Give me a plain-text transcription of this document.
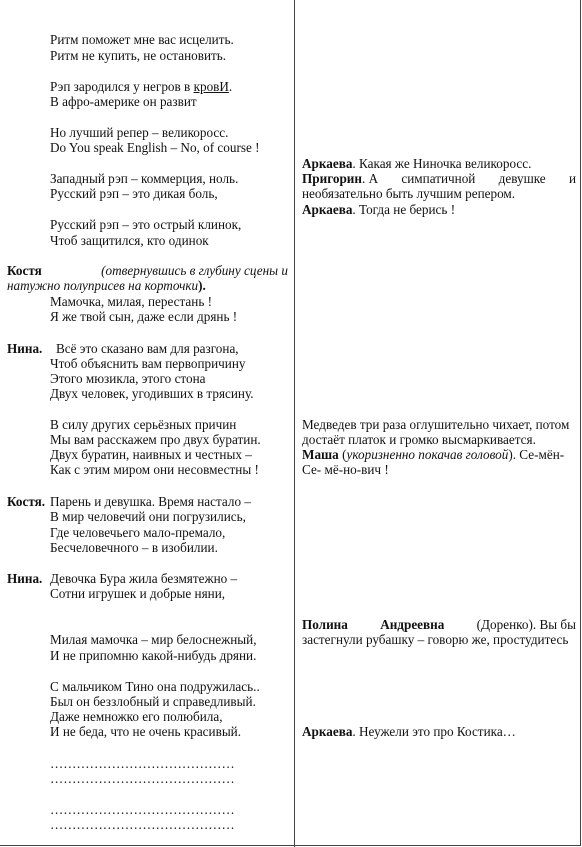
Ритм поможет мне вас исцелить.
Ритм не купить, не остановить.
Рэп зародился у негров в кровИ.
В афро-америке он развит
Но лучший репер – великоросс.
Do You speak English – No, of course !
Западный рэп – коммерция, ноль.
Русский рэп – это дикая боль,
Русский рэп – это острый клинок,
Чтоб защитился, кто одинок
Костя	(отвернувшись в глубину сцены и
натужно полуприсев на корточки).
Мамочка, милая, перестань !
Я же твой сын, даже если дрянь !
Нина. Всё это сказано вам для разгона,
Чтоб объяснить вам первопричину
Этого мюзикла, этого стона
Двух человек, угодивших в трясину.
В силу других серьёзных причин
Мы вам расскажем про двух буратин.
Двух буратин, наивных и честных –
Как с этим миром они несовместны !
Костя. Парень и девушка. Время настало –
В мир человечий они погрузились,
Где человечьего мало-премало,
Бесчеловечного – в изобилии.
Нина. Девочка Бура жила безмятежно –
Сотни игрушек и добрые няни,
Милая мамочка – мир белоснежный,
И не припомню какой-нибудь дряни.
С мальчиком Тино она подружилась..
Был он беззлобный и справедливый.
Даже немножко его полюбила,
И не беда, что не очень красивый.
……………………………………
……………………………………
……………………………………
……………………………………
Аркаева. Какая же Ниночка великоросс.
Пригорин. А симпатичной девушке и
необязательно быть лучшим репером.
Аркаева. Тогда не берись !
Медведев три раза оглушительно чихает, потом
достаёт платок и громко высмаркивается.
Маша (укоризненно покачав головой). Се-мён-
Се- мё-но-вич !
Полина Андреевна (Доренко). Вы бы
застегнули рубашку – говорю же, простудитесь
Аркаева. Неужели это про Костика…
